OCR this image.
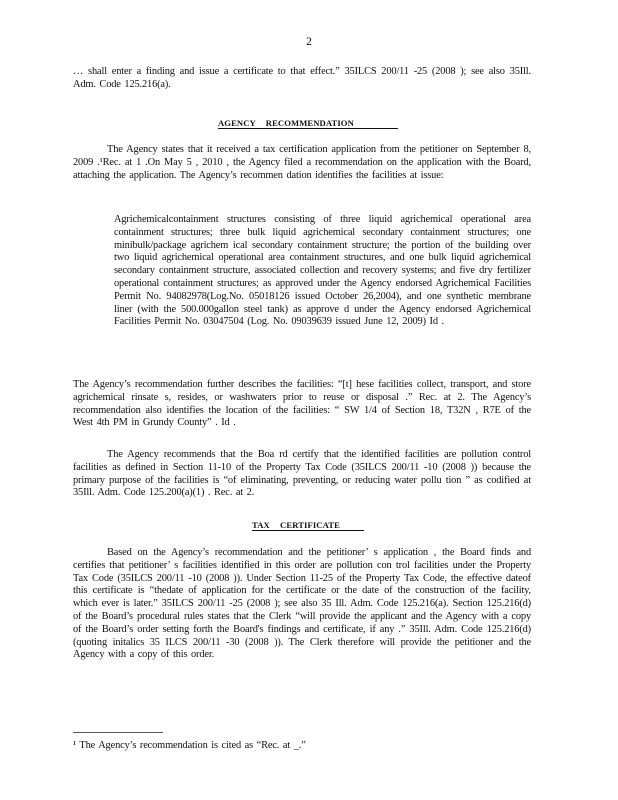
2
… shall enter a finding and issue a certificate to that effect.” 35ILCS 200/11 -25 (2008 ); see also 35Ill. Adm. Code 125.216(a).
AGENCY RECOMMENDATION
The Agency states that it received a tax certification application from the petitioner on September 8, 2009 .¹Rec. at 1 .On May 5 , 2010 , the Agency filed a recommendation on the application with the Board, attaching the application. The Agency’s recommen dation identifies the facilities at issue:
Agrichemicalcontainment structures consisting of three liquid agrichemical operational area containment structures; three bulk liquid agrichemical secondary containment structures; one minibulk/package agrichem ical secondary containment structure; the portion of the building over two liquid agrichemical operational area containment structures, and one bulk liquid agrichemical secondary containment structure, associated collection and recovery systems; and five dry fertilizer operational containment structures; as approved under the Agency endorsed Agrichemical Facilities Permit No. 94082978(Log.No. 05018126 issued October 26,2004), and one synthetic membrane liner (with the 500.000gallon steel tank) as approve d under the Agency endorsed Agrichemical Facilities Permit No. 03047504 (Log. No. 09039639 issued June 12, 2009) Id .
The Agency’s recommendation further describes the facilities: “[t] hese facilities collect, transport, and store agrichemical rinsate s, resides, or washwaters prior to reuse or disposal .” Rec. at 2. The Agency’s recommendation also identifies the location of the facilities: “ SW 1/4 of Section 18, T32N , R7E of the West 4th PM in Grundy County” . Id .
The Agency recommends that the Boa rd certify that the identified facilities are pollution control facilities as defined in Section 11-10 of the Property Tax Code (35ILCS 200/11 -10 (2008 )) because the primary purpose of the facilities is “of eliminating, preventing, or reducing water pollu tion ” as codified at 35Ill. Adm. Code 125.200(a)(1) . Rec. at 2.
TAX CERTIFICATE
Based on the Agency’s recommendation and the petitioner’ s application , the Board finds and certifies that petitioner’ s facilities identified in this order are pollution con trol facilities under the Property Tax Code (35ILCS 200/11 -10 (2008 )). Under Section 11-25 of the Property Tax Code, the effective dateof this certificate is “thedate of application for the certificate or the date of the construction of the facility, which ever is later.” 35ILCS 200/11 -25 (2008 ); see also 35 Ill. Adm. Code 125.216(a). Section 125.216(d) of the Board’s procedural rules states that the Clerk “will provide the applicant and the Agency with a copy of the Board’s order setting forth the Board's findings and certificate, if any .” 35Ill. Adm. Code 125.216(d) (quoting initalics 35 ILCS 200/11 -30 (2008 )). The Clerk therefore will provide the petitioner and the Agency with a copy of this order.
¹ The Agency’s recommendation is cited as “Rec. at _.”
